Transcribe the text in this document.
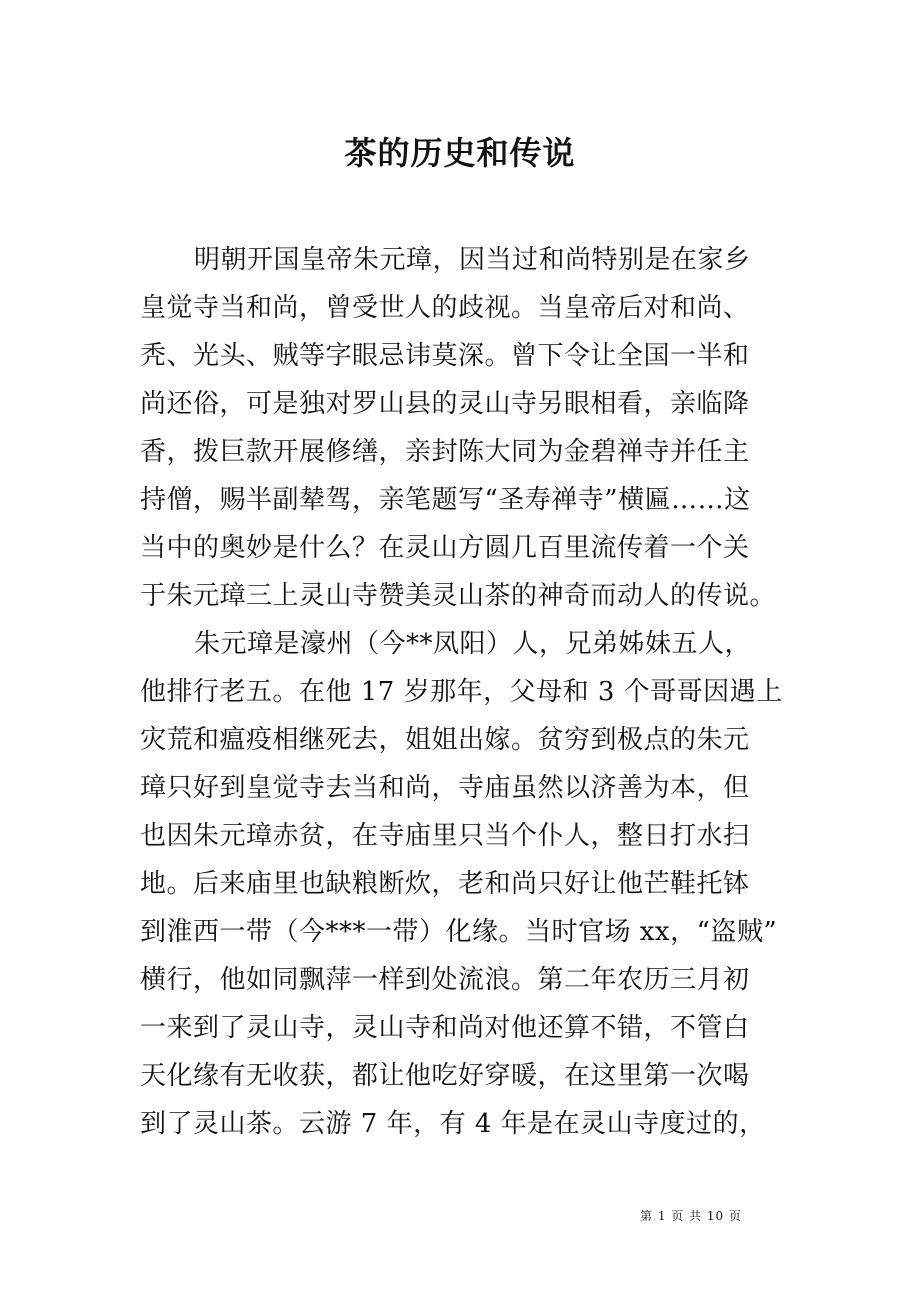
茶的历史和传说
明朝开国皇帝朱元璋，因当过和尚特别是在家乡
皇觉寺当和尚，曾受世人的歧视。当皇帝后对和尚、
秃、光头、贼等字眼忌讳莫深。曾下令让全国一半和
尚还俗，可是独对罗山县的灵山寺另眼相看，亲临降
香，拨巨款开展修缮，亲封陈大同为金碧禅寺并任主
持僧，赐半副辇驾，亲笔题写“圣寿禅寺”横匾……这
当中的奥妙是什么？在灵山方圆几百里流传着一个关
于朱元璋三上灵山寺赞美灵山茶的神奇而动人的传说。
朱元璋是濠州（今**凤阳）人，兄弟姊妹五人，
他排行老五。在他 17 岁那年，父母和 3 个哥哥因遇上
灾荒和瘟疫相继死去，姐姐出嫁。贫穷到极点的朱元
璋只好到皇觉寺去当和尚，寺庙虽然以济善为本，但
也因朱元璋赤贫，在寺庙里只当个仆人，整日打水扫
地。后来庙里也缺粮断炊，老和尚只好让他芒鞋托钵
到淮西一带（今***一带）化缘。当时官场 xx，“盗贼”
横行，他如同飘萍一样到处流浪。第二年农历三月初
一来到了灵山寺，灵山寺和尚对他还算不错，不管白
天化缘有无收获，都让他吃好穿暖，在这里第一次喝
到了灵山茶。云游 7 年，有 4 年是在灵山寺度过的，
第 1 页 共 10 页
